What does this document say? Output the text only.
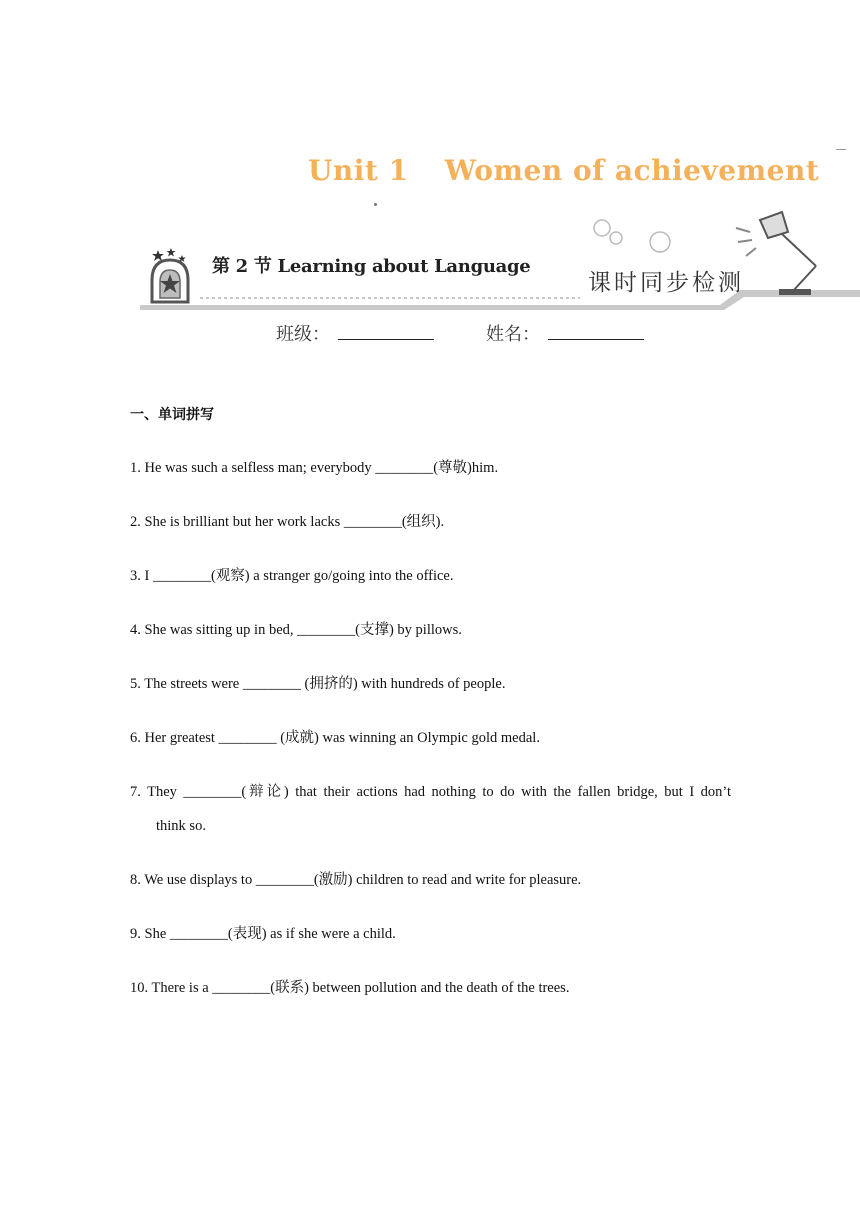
Unit 1 Women of achievement
第 2 节 Learning about Language
课时同步检测
班级：	姓名：
一、单词拼写
1. He was such a selfless man; everybody ________(尊敬)him.
2. She is brilliant but her work lacks ________(组织).
3. I ________(观察) a stranger go/going into the office.
4. She was sitting up in bed, ________(支撑) by pillows.
5. The streets were ________ (拥挤的) with hundreds of people.
6. Her greatest ________ (成就) was winning an Olympic gold medal.
7. They ________(辩论) that their actions had nothing to do with the fallen bridge, but I don’t
think so.
8. We use displays to ________(激励) children to read and write for pleasure.
9. She ________(表现) as if she were a child.
10. There is a ________(联系) between pollution and the death of the trees.
